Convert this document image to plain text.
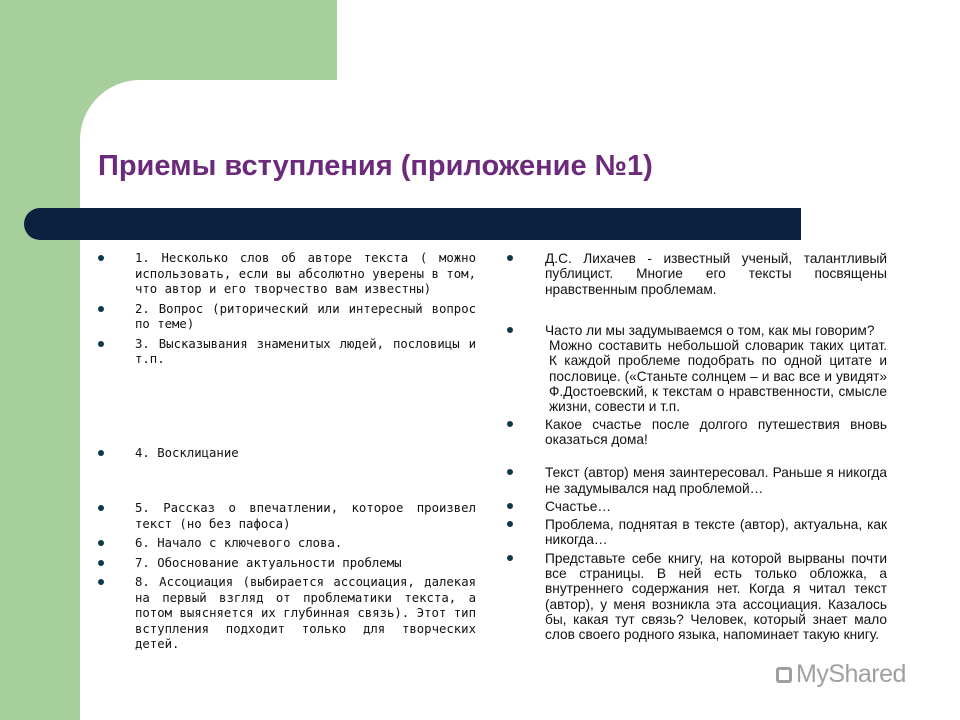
Приемы вступления (приложение №1)
1. Несколько слов об авторе текста ( можно использовать, если вы абсолютно уверены в том, что автор и его творчество вам известны)
2. Вопрос (риторический или интересный вопрос по теме)
3. Высказывания знаменитых людей, пословицы и т.п.
4. Восклицание
5. Рассказ о впечатлении, которое произвел текст (но без пафоса)
6. Начало с ключевого слова.
7. Обоснование актуальности проблемы
8. Ассоциация (выбирается ассоциация, далекая на первый взгляд от проблематики текста, а потом выясняется их глубинная связь). Этот тип вступления подходит только для творческих детей.
Д.С. Лихачев - известный ученый, талантливый публицист. Многие его тексты посвящены нравственным проблемам.
Часто ли мы задумываемся о том, как мы говорим?
Можно составить небольшой словарик таких цитат. К каждой проблеме подобрать по одной цитате и пословице. («Станьте солнцем – и вас все и увидят» Ф.Достоевский, к текстам о нравственности, смысле жизни, совести и т.п.
Какое счастье после долгого путешествия вновь оказаться дома!
Текст (автор) меня заинтересовал. Раньше я никогда не задумывался над проблемой…
Счастье…
Проблема, поднятая в тексте (автор), актуальна, как никогда…
Представьте себе книгу, на которой вырваны почти все страницы. В ней есть только обложка, а внутреннего содержания нет. Когда я читал текст (автор), у меня возникла эта ассоциация. Казалось бы, какая тут связь? Человек, который знает мало слов своего родного языка, напоминает такую книгу.
MyShared
